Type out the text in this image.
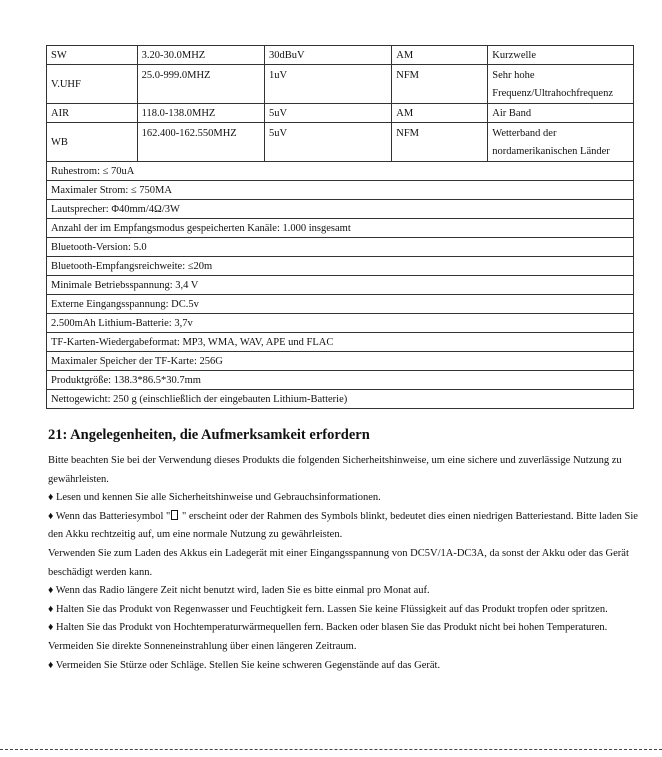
SW	3.20-30.0MHZ	30dBuV	AM	Kurzwelle
V.UHF	25.0-999.0MHZ	1uV	NFM	Sehr hohe
Frequenz/Ultrahochfrequenz

AIR	118.0-138.0MHZ	5uV	AM	Air Band
WB	162.400-162.550MHZ	5uV	NFM	Wetterband der
nordamerikanischen Länder

Ruhestrom: ≤ 70uA				
Maximaler Strom: ≤ 750MA				
Lautsprecher: Φ40mm/4Ω/3W				
Anzahl der im Empfangsmodus gespeicherten Kanäle: 1.000 insgesamt				
Bluetooth-Version: 5.0				
Bluetooth-Empfangsreichweite: ≤20m				
Minimale Betriebsspannung: 3,4 V				
Externe Eingangsspannung: DC.5v				
2.500mAh Lithium-Batterie: 3,7v				
TF-Karten-Wiedergabeformat: MP3, WMA, WAV, APE und FLAC				
Maximaler Speicher der TF-Karte: 256G				
Produktgröße: 138.3*86.5*30.7mm				
Nettogewicht: 250 g (einschließlich der eingebauten Lithium-Batterie)				
21: Angelegenheiten, die Aufmerksamkeit erfordern

Bitte beachten Sie bei der Verwendung dieses Produkts die folgenden Sicherheitshinweise, um eine sichere und zuverlässige Nutzung zu gewährleisten.

♦ Lesen und kennen Sie alle Sicherheitshinweise und Gebrauchsinformationen.

♦ Wenn das Batteriesymbol " " erscheint oder der Rahmen des Symbols blinkt, bedeutet dies einen niedrigen Batteriestand. Bitte laden Sie den Akku rechtzeitig auf, um eine normale Nutzung zu gewährleisten.

Verwenden Sie zum Laden des Akkus ein Ladegerät mit einer Eingangsspannung von DC5V/1A-DC3A, da sonst der Akku oder das Gerät beschädigt werden kann.

♦ Wenn das Radio längere Zeit nicht benutzt wird, laden Sie es bitte einmal pro Monat auf.

♦ Halten Sie das Produkt von Regenwasser und Feuchtigkeit fern. Lassen Sie keine Flüssigkeit auf das Produkt tropfen oder spritzen.

♦ Halten Sie das Produkt von Hochtemperaturwärmequellen fern. Backen oder blasen Sie das Produkt nicht bei hohen Temperaturen.

Vermeiden Sie direkte Sonneneinstrahlung über einen längeren Zeitraum.

♦ Vermeiden Sie Stürze oder Schläge. Stellen Sie keine schweren Gegenstände auf das Gerät.
